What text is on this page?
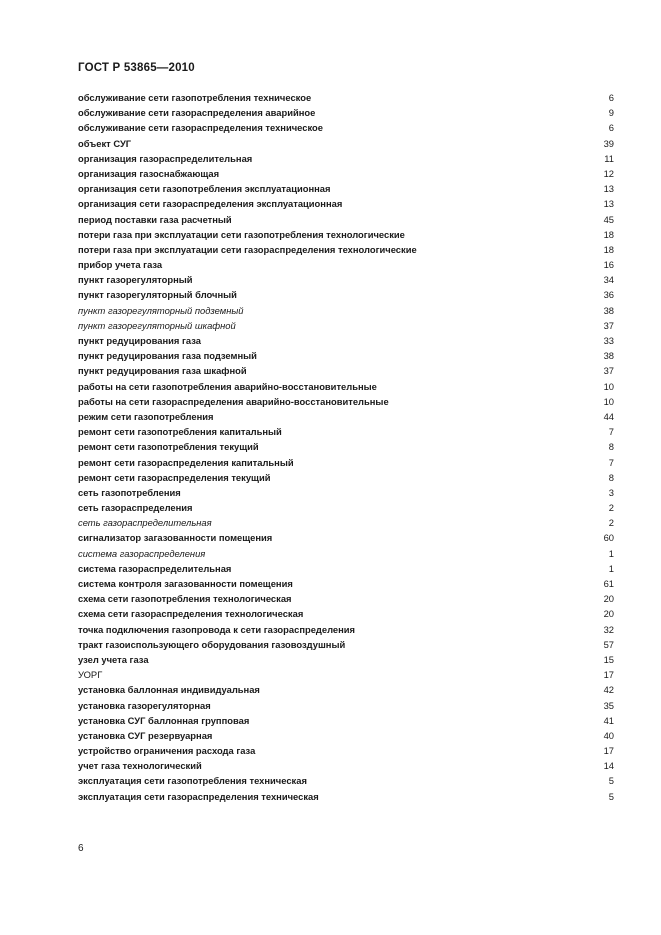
ГОСТ Р 53865—2010
обслуживание сети газопотребления техническое	6
обслуживание сети газораспределения аварийное	9
обслуживание сети газораспределения техническое	6
объект СУГ	39
организация газораспределительная	11
организация газоснабжающая	12
организация сети газопотребления эксплуатационная	13
организация сети газораспределения эксплуатационная	13
период поставки газа расчетный	45
потери газа при эксплуатации сети газопотребления технологические	18
потери газа при эксплуатации сети газораспределения технологические	18
прибор учета газа	16
пункт газорегуляторный	34
пункт газорегуляторный блочный	36
пункт газорегуляторный подземный	38
пункт газорегуляторный шкафной	37
пункт редуцирования газа	33
пункт редуцирования газа подземный	38
пункт редуцирования газа шкафной	37
работы на сети газопотребления аварийно-восстановительные	10
работы на сети газораспределения аварийно-восстановительные	10
режим сети газопотребления	44
ремонт сети газопотребления капитальный	7
ремонт сети газопотребления текущий	8
ремонт сети газораспределения капитальный	7
ремонт сети газораспределения текущий	8
сеть газопотребления	3
сеть газораспределения	2
сеть газораспределительная	2
сигнализатор загазованности помещения	60
система газораспределения	1
система газораспределительная	1
система контроля загазованности помещения	61
схема сети газопотребления технологическая	20
схема сети газораспределения технологическая	20
точка подключения газопровода к сети газораспределения	32
тракт газоиспользующего оборудования газовоздушный	57
узел учета газа	15
УОРГ	17
установка баллонная индивидуальная	42
установка газорегуляторная	35
установка СУГ баллонная групповая	41
установка СУГ резервуарная	40
устройство ограничения расхода газа	17
учет газа технологический	14
эксплуатация сети газопотребления техническая	5
эксплуатация сети газораспределения техническая	5
6
